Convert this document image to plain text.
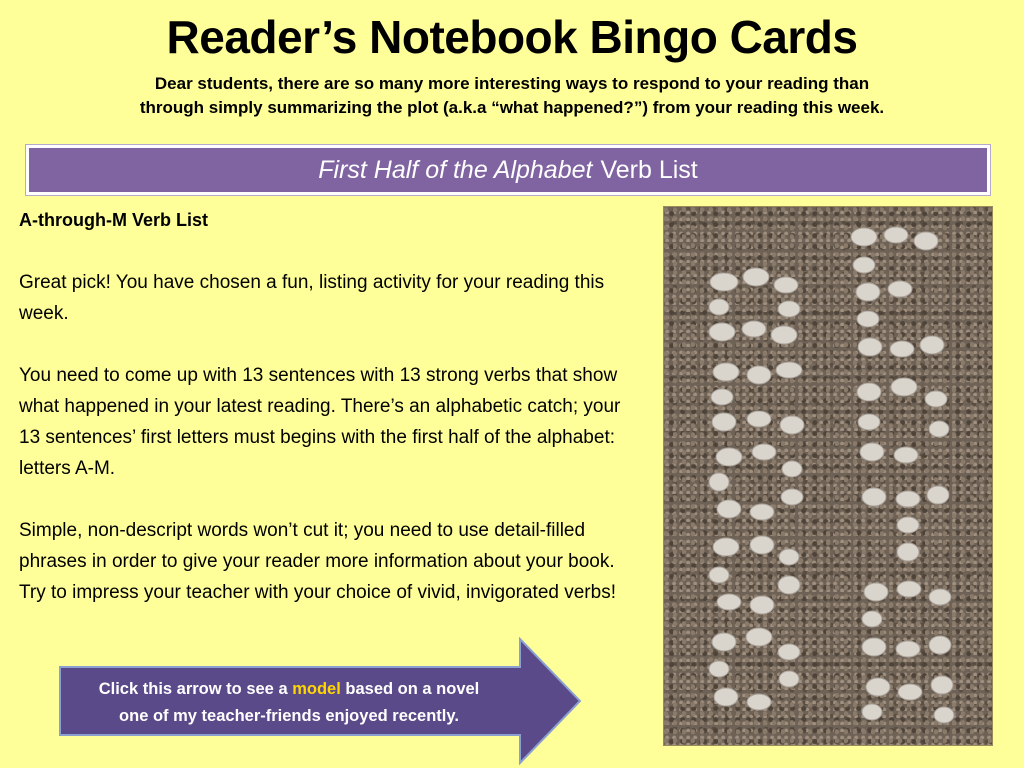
Reader’s Notebook Bingo Cards
Dear students, there are so many more interesting ways to respond to your reading than
through simply summarizing the plot (a.k.a “what happened?”) from your reading this week.
First Half of the Alphabet Verb List

A-through-M Verb List

Great pick! You have chosen a fun, listing activity for your reading this week.

You need to come up with 13 sentences with 13 strong verbs that show what happened in your latest reading. There’s an alphabetic catch; your 13 sentences’ first letters must begins with the first half of the alphabet: letters A-M.

Simple, non-descript words won’t cut it; you need to use detail-filled phrases in order to give your reader more information about your book. Try to impress your teacher with your choice of vivid, invigorated verbs!

Click this arrow to see a model based on a novel
one of my teacher-friends enjoyed recently.
